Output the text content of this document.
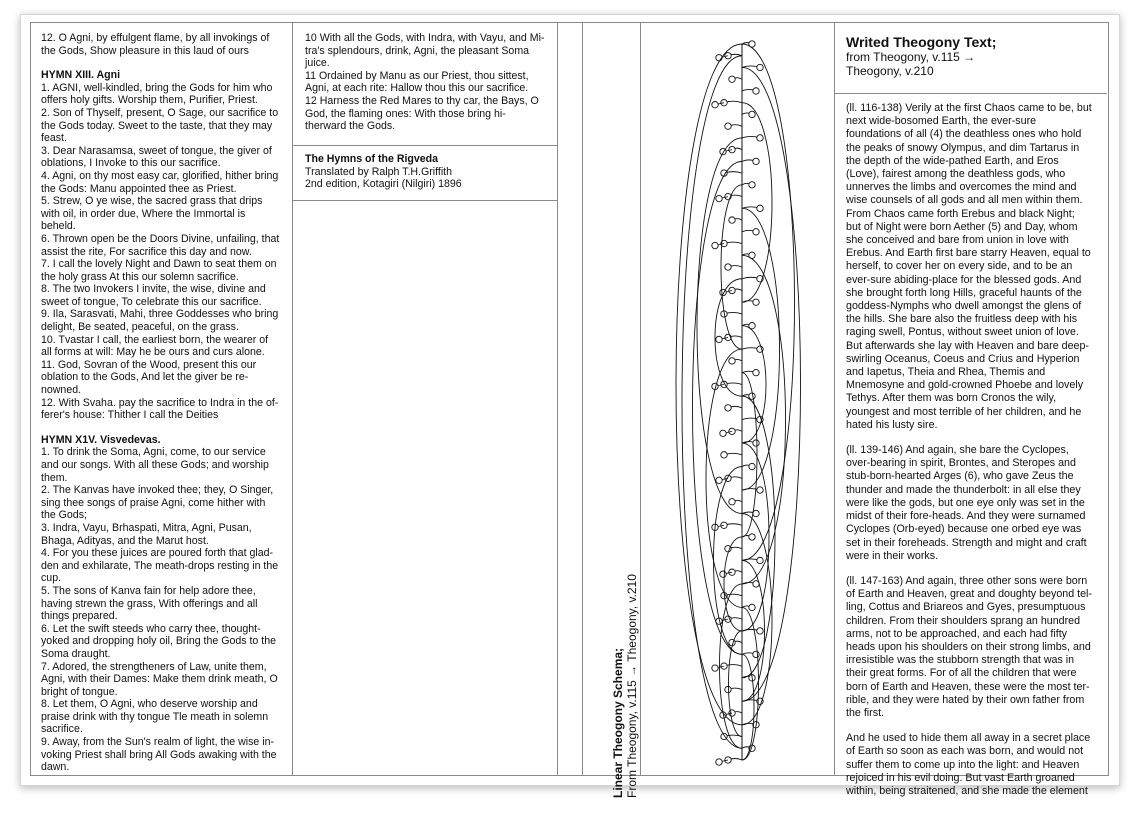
12. O Agni, by effulgent flame, by all invokings of the Gods, Show pleasure in this laud of ours

HYMN XIII. Agni

1. AGNI, well-kindled, bring the Gods for him who offers holy gifts. Worship them, Purifier, Priest.

2. Son of Thyself, present, O Sage, our sacrifice to the Gods today. Sweet to the taste, that they may feast.

3. Dear Narasamsa, sweet of tongue, the giver of oblations, I Invoke to this our sacrifice.

4. Agni, on thy most easy car, glorified, hither bring the Gods: Manu appointed thee as Priest.

5. Strew, O ye wise, the sacred grass that drips with oil, in order due, Where the Immortal is beheld.

6. Thrown open be the Doors Divine, unfailing, that assist the rite, For sacrifice this day and now.

7. I call the lovely Night and Dawn to seat them on the holy grass At this our solemn sacrifice.

8. The two Invokers I invite, the wise, divine and sweet of tongue, To celebrate this our sacrifice.

9. Ila, Sarasvati, Mahi, three Goddesses who bring delight, Be seated, peaceful, on the grass.

10. Tvastar I call, the earliest born, the wearer of all forms at will: May he be ours and curs alone.

11. God, Sovran of the Wood, present this our oblation to the Gods, And let the giver be re-nowned.

12. With Svaha. pay the sacrifice to Indra in the of-ferer's house: Thither I call the Deities

HYMN X1V. Visvedevas.

1. To drink the Soma, Agni, come, to our service and our songs. With all these Gods; and worship them.

2. The Kanvas have invoked thee; they, O Singer, sing thee songs of praise Agni, come hither with the Gods;

3. Indra, Vayu, Brhaspati, Mitra, Agni, Pusan, Bhaga, Adityas, and the Marut host.

4. For you these juices are poured forth that glad-den and exhilarate, The meath-drops resting in the cup.

5. The sons of Kanva fain for help adore thee, having strewn the grass, With offerings and all things prepared.

6. Let the swift steeds who carry thee, thought-yoked and dropping holy oil, Bring the Gods to the Soma draught.

7. Adored, the strengtheners of Law, unite them, Agni, with their Dames: Make them drink meath, O bright of tongue.

8. Let them, O Agni, who deserve worship and praise drink with thy tongue Tle meath in solemn sacrifice.

9. Away, from the Sun's realm of light, the wise in-voking Priest shall bring All Gods awaking with the dawn.

10 With all the Gods, with Indra, with Vayu, and Mi-tra's splendours, drink, Agni, the pleasant Soma juice.

11 Ordained by Manu as our Priest, thou sittest, Agni, at each rite: Hallow thou this our sacrifice.

12 Harness the Red Mares to thy car, the Bays, O God, the flaming ones: With those bring hi-therward the Gods.

The Hymns of the Rigveda

Translated by Ralph T.H.Griffith

2nd edition, Kotagiri (Nilgiri) 1896

Linear Theogony Schema; From Theogony, v.115 → Theogony, v.210
Writed Theogony Text;
from Theogony, v.115 →
Theogony, v.210

(ll. 116-138) Verily at the first Chaos came to be, but next wide-bosomed Earth, the ever-sure foundations of all (4) the deathless ones who hold the peaks of snowy Olympus, and dim Tartarus in the depth of the wide-pathed Earth, and Eros (Love), fairest among the deathless gods, who unnerves the limbs and overcomes the mind and wise counsels of all gods and all men within them. From Chaos came forth Erebus and black Night; but of Night were born Aether (5) and Day, whom she conceived and bare from union in love with Erebus. And Earth first bare starry Heaven, equal to herself, to cover her on every side, and to be an ever-sure abiding-place for the blessed gods. And she brought forth long Hills, graceful haunts of the goddess-Nymphs who dwell amongst the glens of the hills. She bare also the fruitless deep with his raging swell, Pontus, without sweet union of love. But afterwards she lay with Heaven and bare deep-swirling Oceanus, Coeus and Crius and Hyperion and Iapetus, Theia and Rhea, Themis and Mnemosyne and gold-crowned Phoebe and lovely Tethys. After them was born Cronos the wily, youngest and most terrible of her children, and he hated his lusty sire.

(ll. 139-146) And again, she bare the Cyclopes, over-bearing in spirit, Brontes, and Steropes and stub-born-hearted Arges (6), who gave Zeus the thunder and made the thunderbolt: in all else they were like the gods, but one eye only was set in the midst of their fore-heads. And they were surnamed Cyclopes (Orb-eyed) because one orbed eye was set in their foreheads. Strength and might and craft were in their works.

(ll. 147-163) And again, three other sons were born of Earth and Heaven, great and doughty beyond tel-ling, Cottus and Briareos and Gyes, presumptuous children. From their shoulders sprang an hundred arms, not to be approached, and each had fifty heads upon his shoulders on their strong limbs, and irresistible was the stubborn strength that was in their great forms. For of all the children that were born of Earth and Heaven, these were the most ter-rible, and they were hated by their own father from the first.

And he used to hide them all away in a secret place of Earth so soon as each was born, and would not suffer them to come up into the light: and Heaven rejoiced in his evil doing. But vast Earth groaned within, being straitened, and she made the element
